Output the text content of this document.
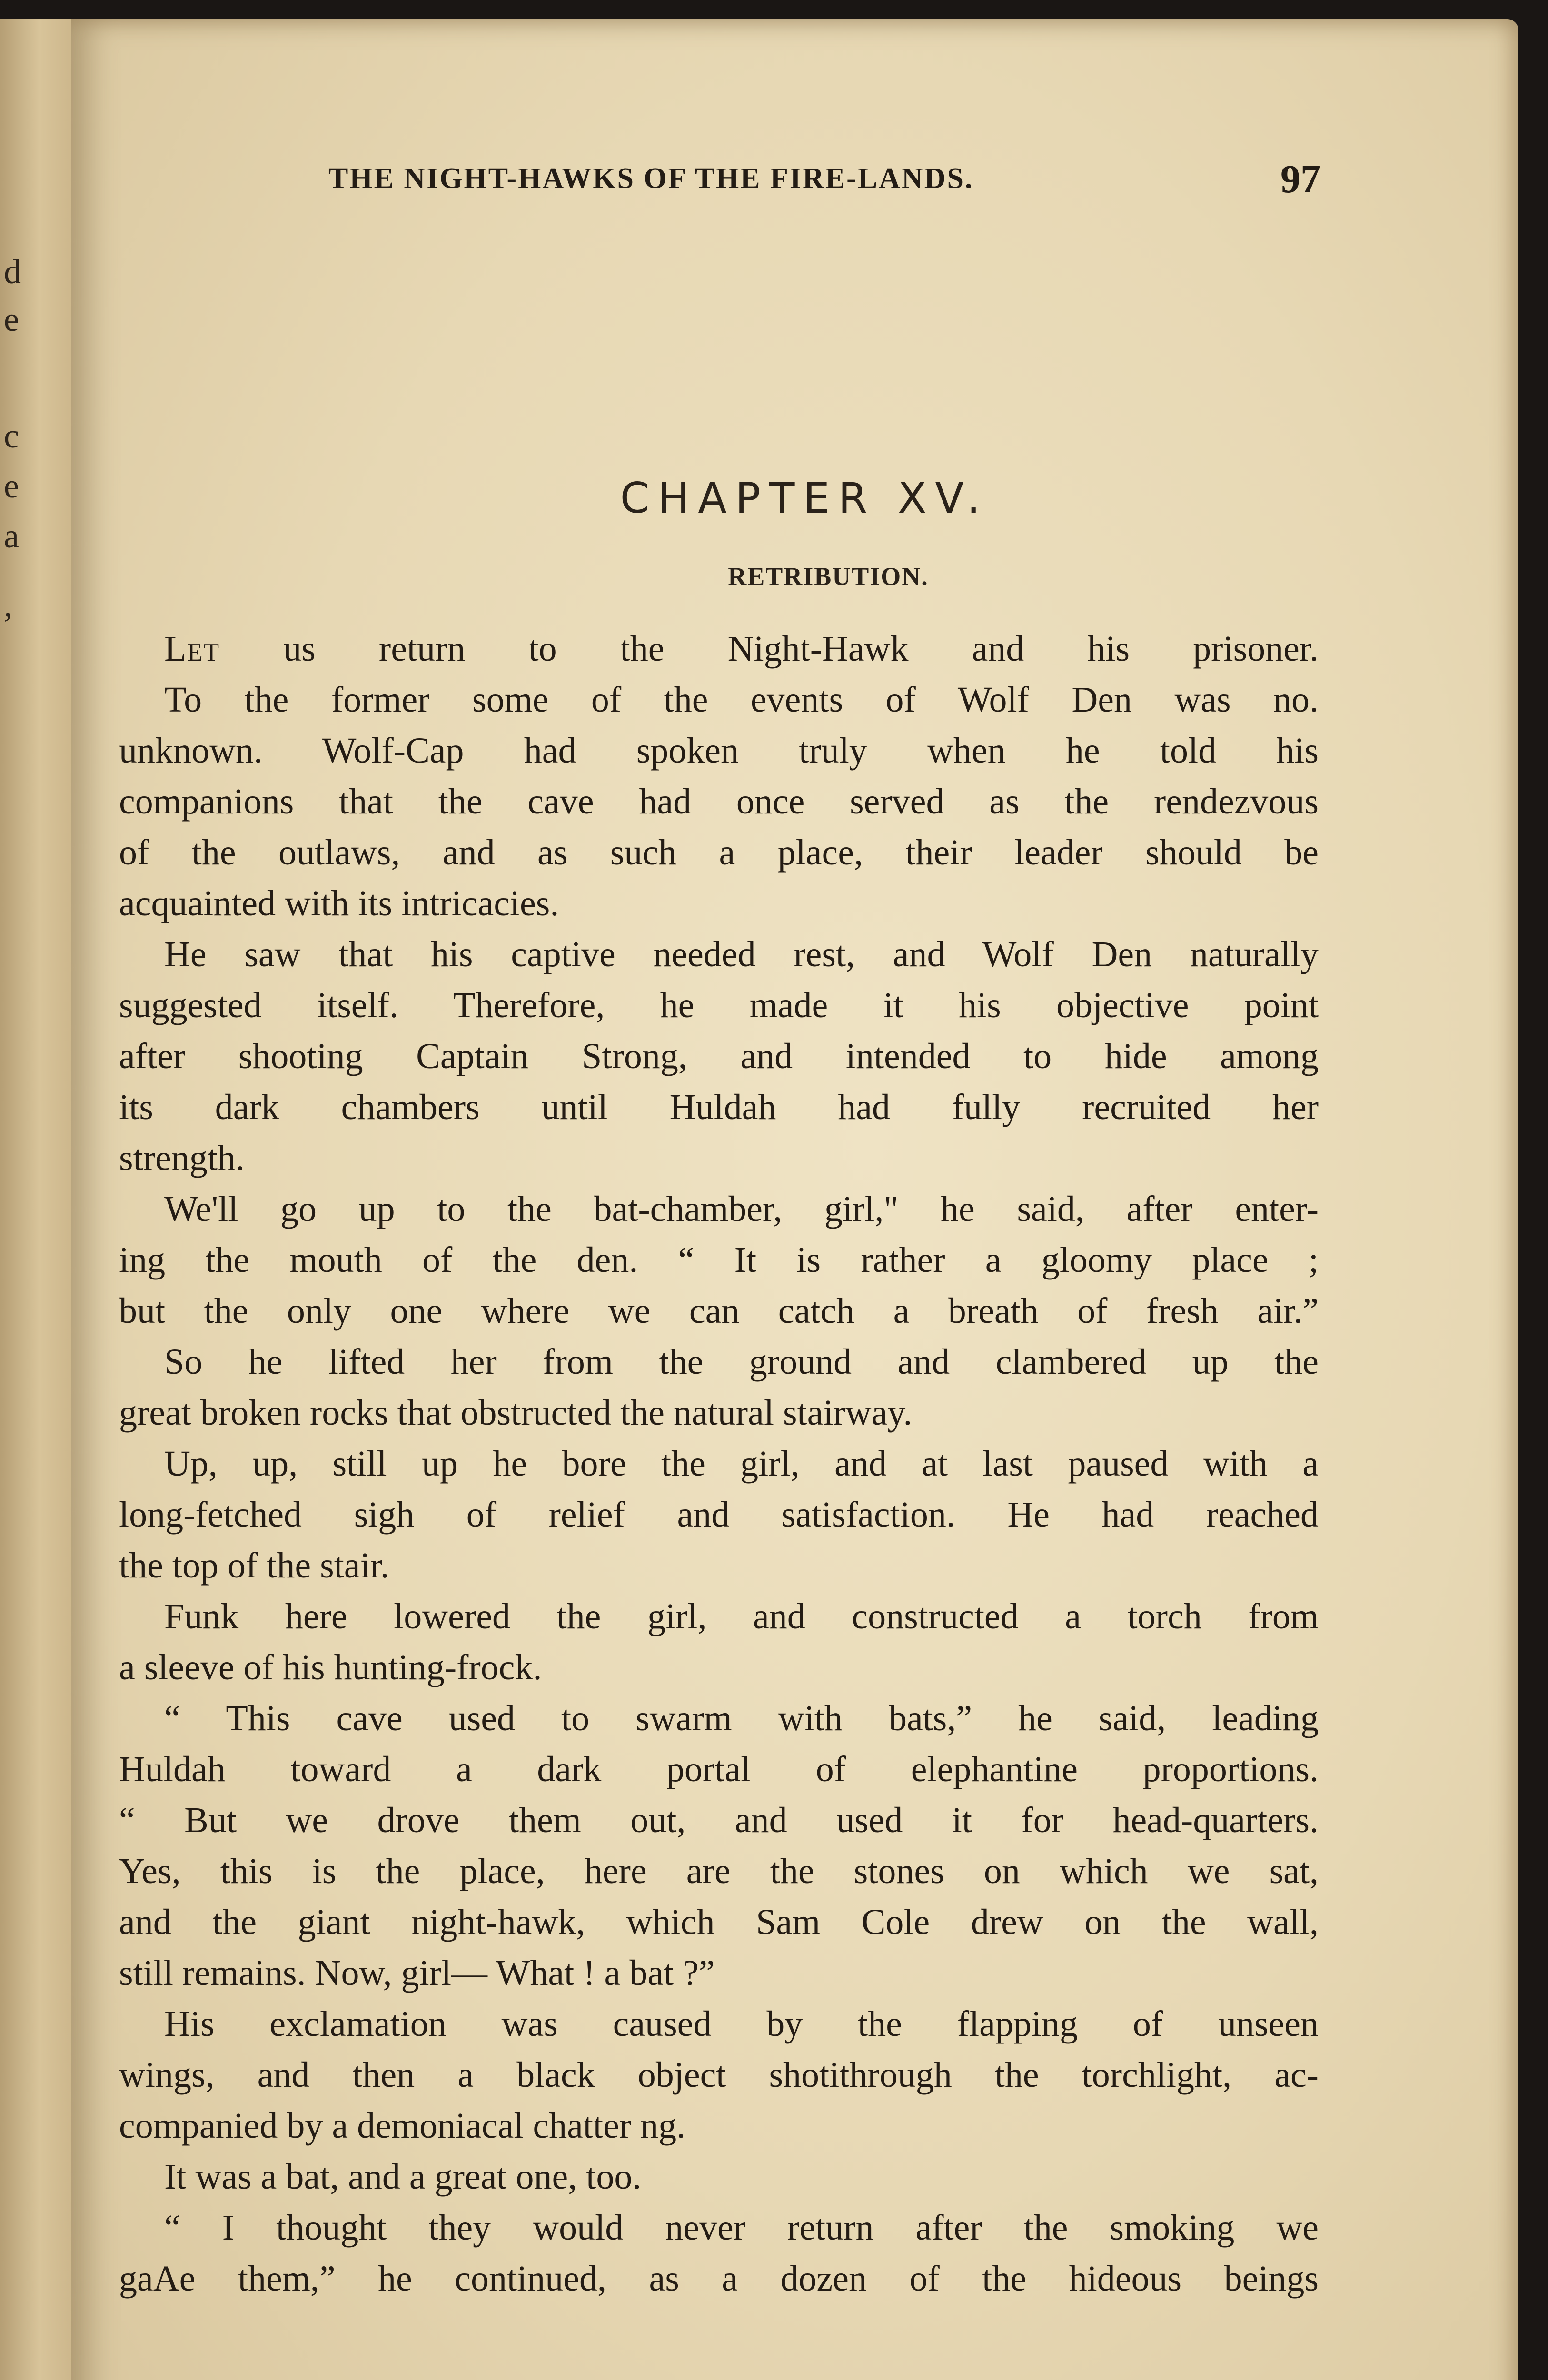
d
e
c
e
a
,
THE NIGHT-HAWKS OF THE FIRE-LANDS.	97
CHAPTER XV.
RETRIBUTION.
Let us return to the Night-Hawk and his prisoner.
To the former some of the events of Wolf Den was no.
unknown. Wolf-Cap had spoken truly when he told his
companions that the cave had once served as the rendezvous
of the outlaws, and as such a place, their leader should be
acquainted with its intricacies.
He saw that his captive needed rest, and Wolf Den naturally
suggested itself. Therefore, he made it his objective point
after shooting Captain Strong, and intended to hide among
its dark chambers until Huldah had fully recruited her
strength.
We'll go up to the bat-chamber, girl," he said, after enter-
ing the mouth of the den. “ It is rather a gloomy place ;
but the only one where we can catch a breath of fresh air.”
So he lifted her from the ground and clambered up the
great broken rocks that obstructed the natural stairway.
Up, up, still up he bore the girl, and at last paused with a
long-fetched sigh of relief and satisfaction. He had reached
the top of the stair.
Funk here lowered the girl, and constructed a torch from
a sleeve of his hunting-frock.
“ This cave used to swarm with bats,” he said, leading
Huldah toward a dark portal of elephantine proportions.
“ But we drove them out, and used it for head-quarters.
Yes, this is the place, here are the stones on which we sat,
and the giant night-hawk, which Sam Cole drew on the wall,
still remains. Now, girl— What ! a bat ?”
His exclamation was caused by the flapping of unseen
wings, and then a black object shotithrough the torchlight, ac-
companied by a demoniacal chatter ng.
It was a bat, and a great one, too.
“ I thought they would never return after the smoking we
gaAe them,” he continued, as a dozen of the hideous beings
